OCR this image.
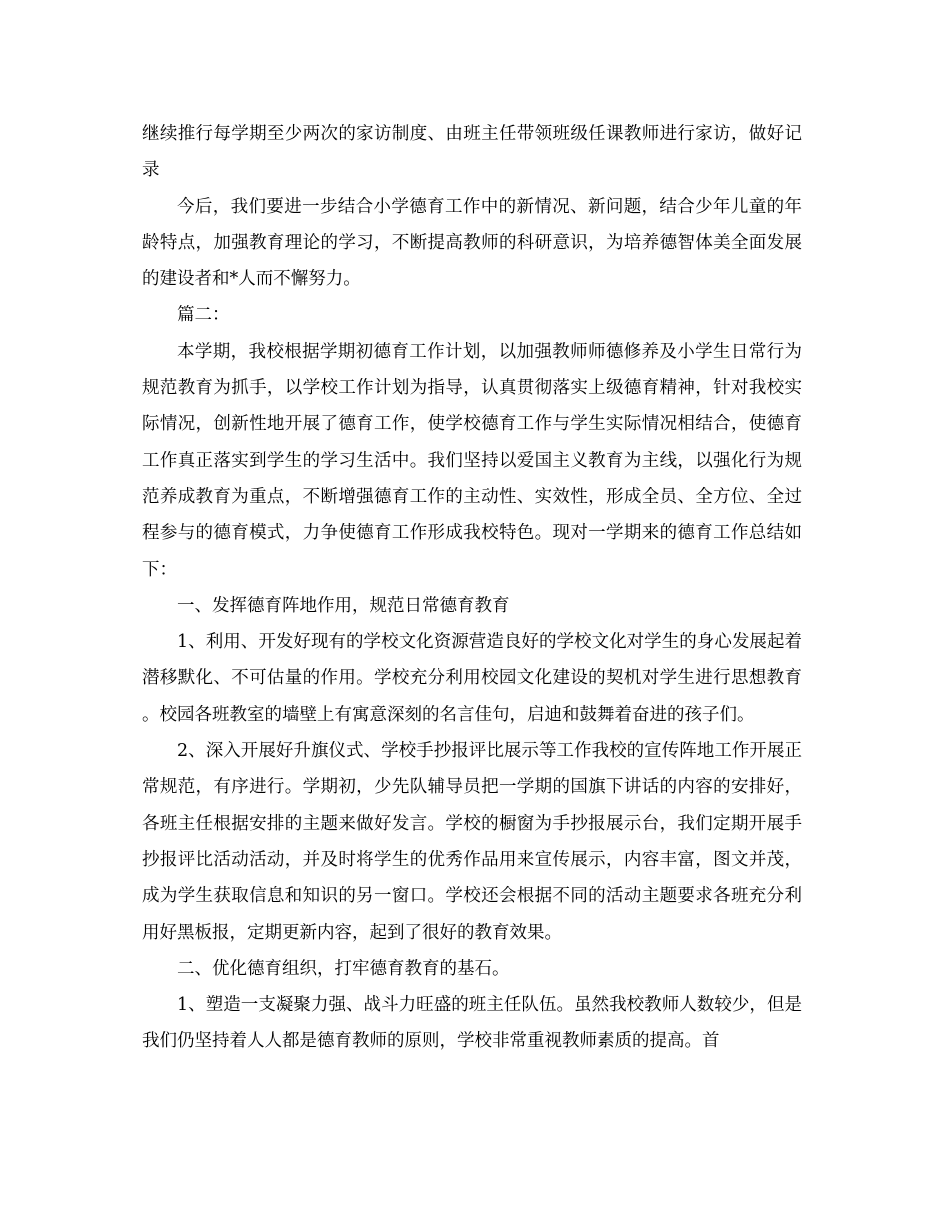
继续推行每学期至少两次的家访制度、由班主任带领班级任课教师进行家访，做好记录

今后，我们要进一步结合小学德育工作中的新情况、新问题，结合少年儿童的年龄特点，加强教育理论的学习，不断提高教师的科研意识，为培养德智体美全面发展的建设者和*人而不懈努力。

篇二：

本学期，我校根据学期初德育工作计划，以加强教师师德修养及小学生日常行为规范教育为抓手，以学校工作计划为指导，认真贯彻落实上级德育精神，针对我校实际情况，创新性地开展了德育工作，使学校德育工作与学生实际情况相结合，使德育工作真正落实到学生的学习生活中。我们坚持以爱国主义教育为主线，以强化行为规范养成教育为重点，不断增强德育工作的主动性、实效性，形成全员、全方位、全过程参与的德育模式，力争使德育工作形成我校特色。现对一学期来的德育工作总结如下：

一、发挥德育阵地作用，规范日常德育教育

1、利用、开发好现有的学校文化资源营造良好的学校文化对学生的身心发展起着潜移默化、不可估量的作用。学校充分利用校园文化建设的契机对学生进行思想教育。校园各班教室的墙壁上有寓意深刻的名言佳句，启迪和鼓舞着奋进的孩子们。

2、深入开展好升旗仪式、学校手抄报评比展示等工作我校的宣传阵地工作开展正常规范，有序进行。学期初，少先队辅导员把一学期的国旗下讲话的内容的安排好，各班主任根据安排的主题来做好发言。学校的橱窗为手抄报展示台，我们定期开展手抄报评比活动活动，并及时将学生的优秀作品用来宣传展示，内容丰富，图文并茂，成为学生获取信息和知识的另一窗口。学校还会根据不同的活动主题要求各班充分利用好黑板报，定期更新内容，起到了很好的教育效果。

二、优化德育组织，打牢德育教育的基石。

1、塑造一支凝聚力强、战斗力旺盛的班主任队伍。虽然我校教师人数较少，但是我们仍坚持着人人都是德育教师的原则，学校非常重视教师素质的提高。首
